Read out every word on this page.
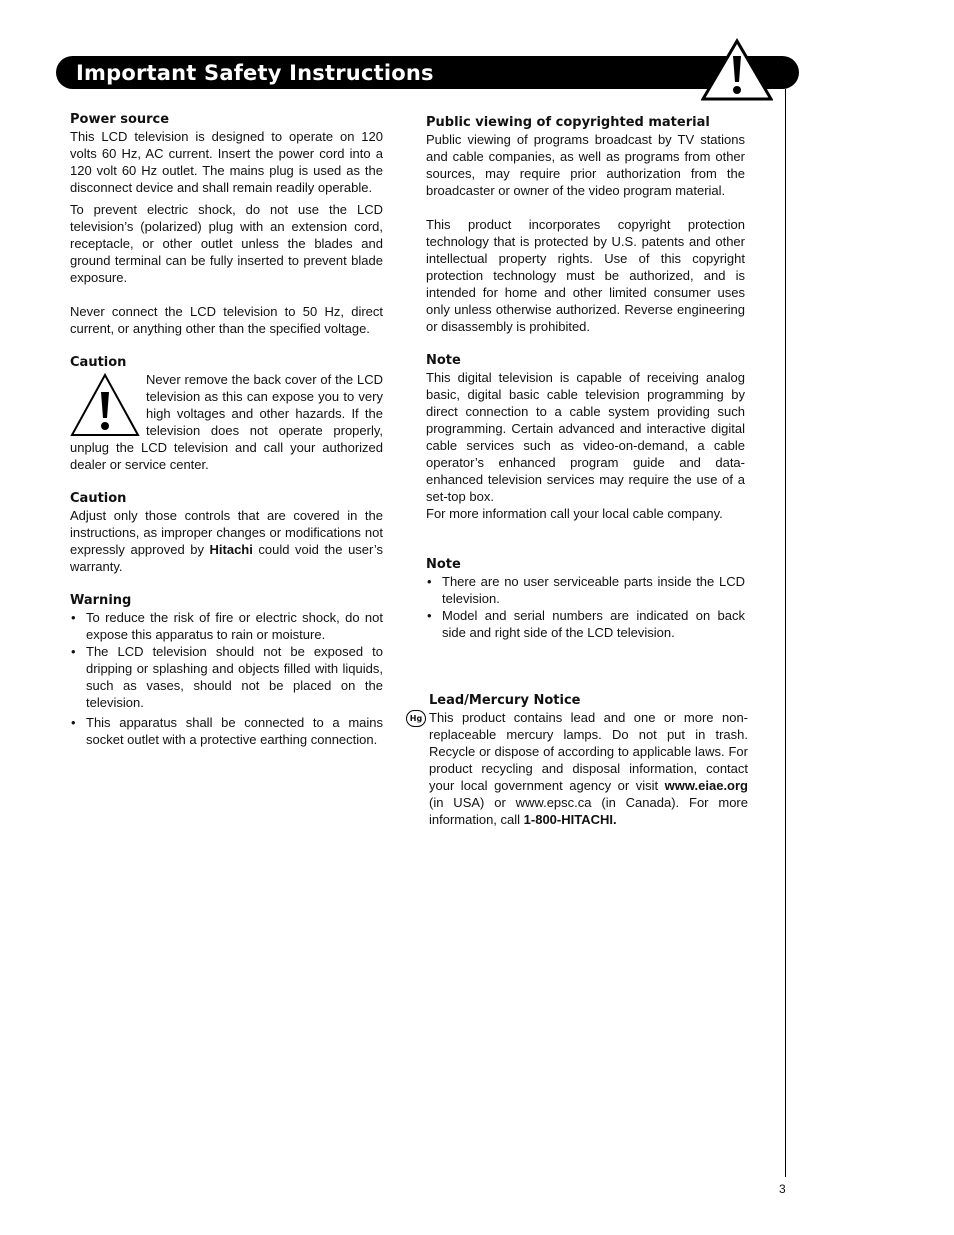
Important Safety Instructions
3
Power source

This LCD television is designed to operate on 120 volts 60 Hz, AC current. Insert the power cord into a 120 volt 60 Hz outlet. The mains plug is used as the disconnect device and shall remain readily operable.

To prevent electric shock, do not use the LCD television’s (polarized) plug with an extension cord, receptacle, or other outlet unless the blades and ground terminal can be fully inserted to prevent blade exposure.

Never connect the LCD television to 50 Hz, direct current, or anything other than the specified voltage.

Caution

Never remove the back cover of the LCD television as this can expose you to very high voltages and other hazards. If the television does not operate properly, unplug the LCD television and call your authorized dealer or service center.

Caution

Adjust only those controls that are covered in the instructions, as improper changes or modifications not expressly approved by Hitachi could void the user’s warranty.

Warning
• To reduce the risk of fire or electric shock, do not expose this apparatus to rain or moisture.
• The LCD television should not be exposed to dripping or splashing and objects filled with liquids, such as vases, should not be placed on the television.
• This apparatus shall be connected to a mains socket outlet with a protective earthing connection.
Public viewing of copyrighted material

Public viewing of programs broadcast by TV stations and cable companies, as well as programs from other sources, may require prior authorization from the broadcaster or owner of the video program material.

This product incorporates copyright protection technology that is protected by U.S. patents and other intellectual property rights. Use of this copyright protection technology must be authorized, and is intended for home and other limited consumer uses only unless otherwise authorized. Reverse engineering or disassembly is prohibited.

Note

This digital television is capable of receiving analog basic, digital basic cable television programming by direct connection to a cable system providing such programming. Certain advanced and interactive digital cable services such as video-on-demand, a cable operator’s enhanced program guide and data-enhanced television services may require the use of a set-top box.

For more information call your local cable company.

Note
• There are no user serviceable parts inside the LCD television.
• Model and serial numbers are indicated on back side and right side of the LCD television.
Lead/Mercury Notice
Hg This product contains lead and one or more non-replaceable mercury lamps. Do not put in trash. Recycle or dispose of according to applicable laws. For product recycling and disposal information, contact your local government agency or visit www.eiae.org (in USA) or www.epsc.ca (in Canada). For more information, call 1-800-HITACHI.
